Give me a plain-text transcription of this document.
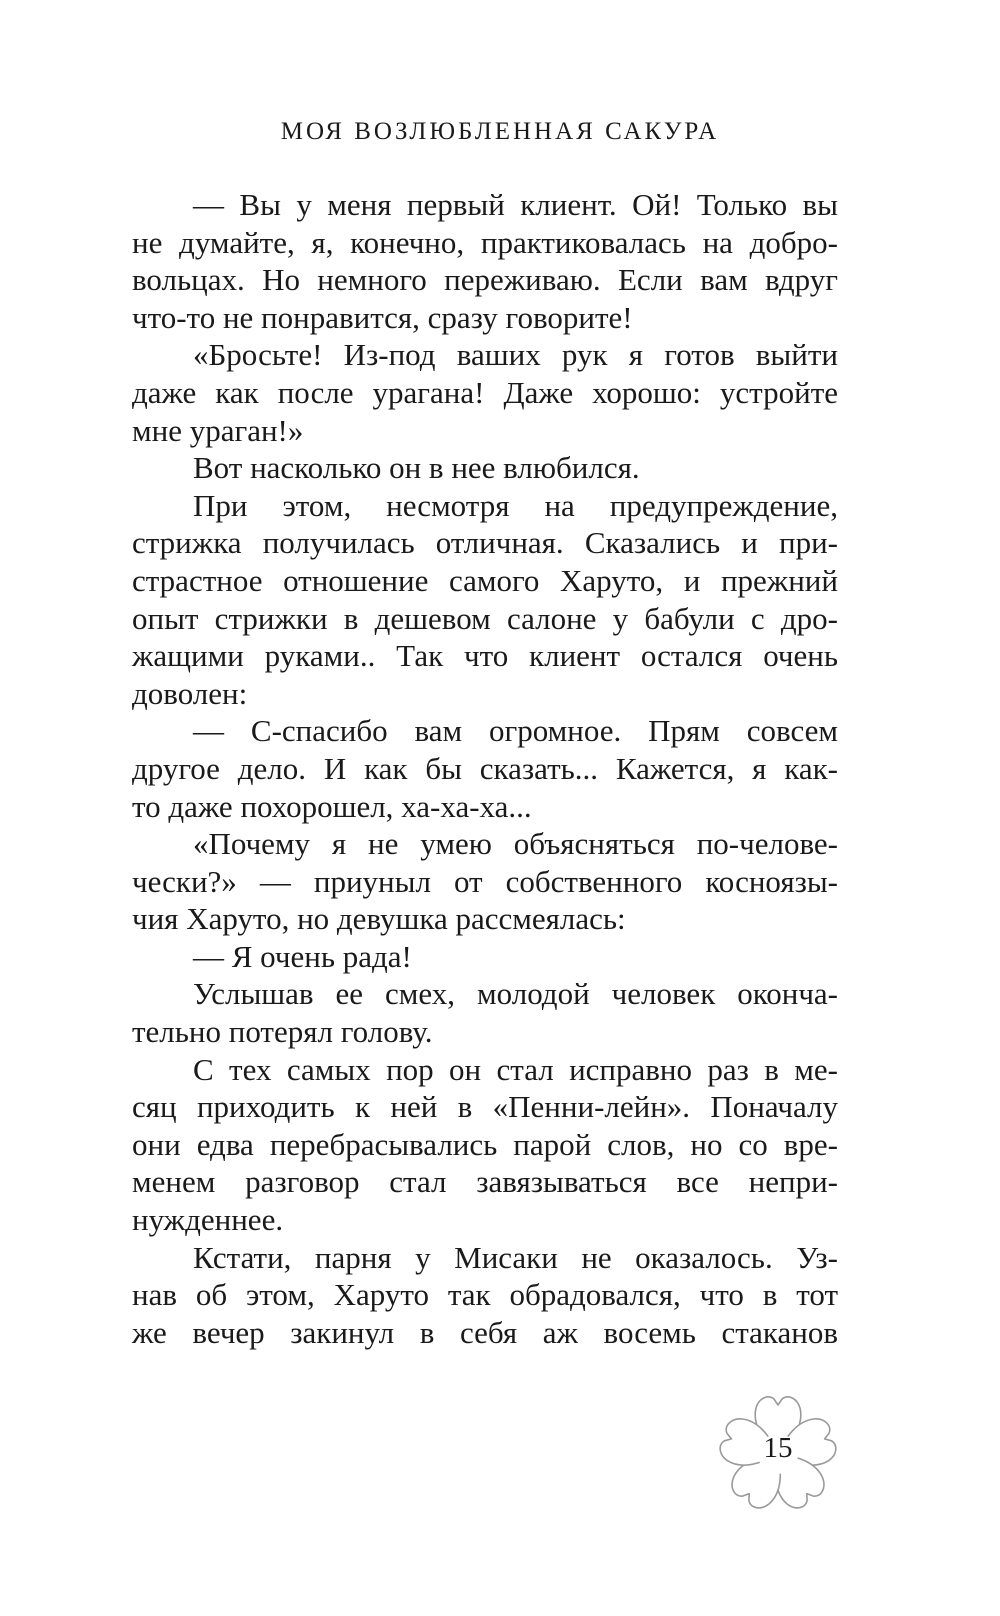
МОЯ ВОЗЛЮБЛЕННАЯ САКУРА
— Вы у меня первый клиент. Ой! Только вы
не думайте, я, конечно, практиковалась на добро-
вольцах. Но немного переживаю. Если вам вдруг
что-то не понравится, сразу говорите!
«Бросьте! Из-под ваших рук я готов выйти
даже как после урагана! Даже хорошо: устройте
мне ураган!»
Вот насколько он в нее влюбился.
При этом, несмотря на предупреждение,
стрижка получилась отличная. Сказались и при-
страстное отношение самого Харуто, и прежний
опыт стрижки в дешевом салоне у бабули с дро-
жащими руками.. Так что клиент остался очень
доволен:
— С-спасибо вам огромное. Прям совсем
другое дело. И как бы сказать... Кажется, я как-
то даже похорошел, ха-ха-ха...
«Почему я не умею объясняться по-челове-
чески?» — приуныл от собственного косноязы-
чия Харуто, но девушка рассмеялась:
— Я очень рада!
Услышав ее смех, молодой человек оконча-
тельно потерял голову.
С тех самых пор он стал исправно раз в ме-
сяц приходить к ней в «Пенни-лейн». Поначалу
они едва перебрасывались парой слов, но со вре-
менем разговор стал завязываться все непри-
нужденнее.
Кстати, парня у Мисаки не оказалось. Уз-
нав об этом, Харуто так обрадовался, что в тот
же вечер закинул в себя аж восемь стаканов
15
